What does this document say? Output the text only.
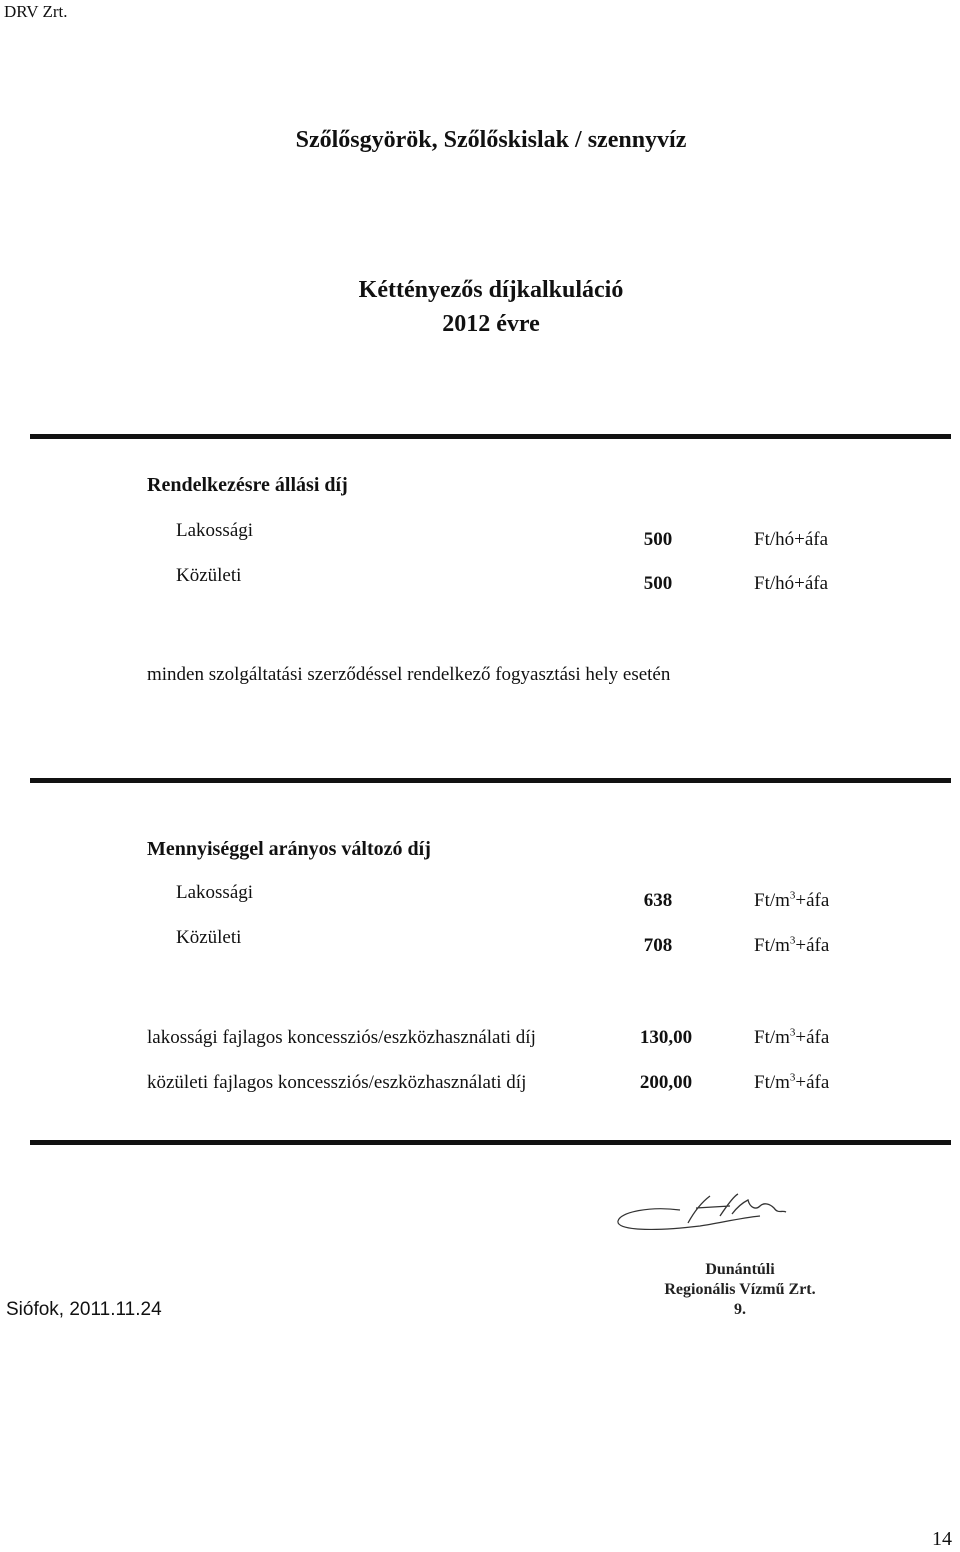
DRV Zrt.
Szőlősgyörök, Szőlőskislak / szennyvíz
Kéttényezős díjkalkuláció
2012 évre
Rendelkezésre állási díj
Lakossági	500	Ft/hó+áfa
Közületi	500	Ft/hó+áfa
minden szolgáltatási szerződéssel rendelkező fogyasztási hely esetén
Mennyiséggel arányos változó díj
Lakossági	638	$Ft/m^3+áfa$
Közületi	708	$Ft/m^3+áfa$
lakossági fajlagos koncessziós/eszközhasználati díj	130,00	$Ft/m^3+áfa$
közületi fajlagos koncessziós/eszközhasználati díj	200,00	$Ft/m^3+áfa$
Siófok, 2011.11.24
Dunántúli
Regionális Vízmű Zrt.
9.
14
